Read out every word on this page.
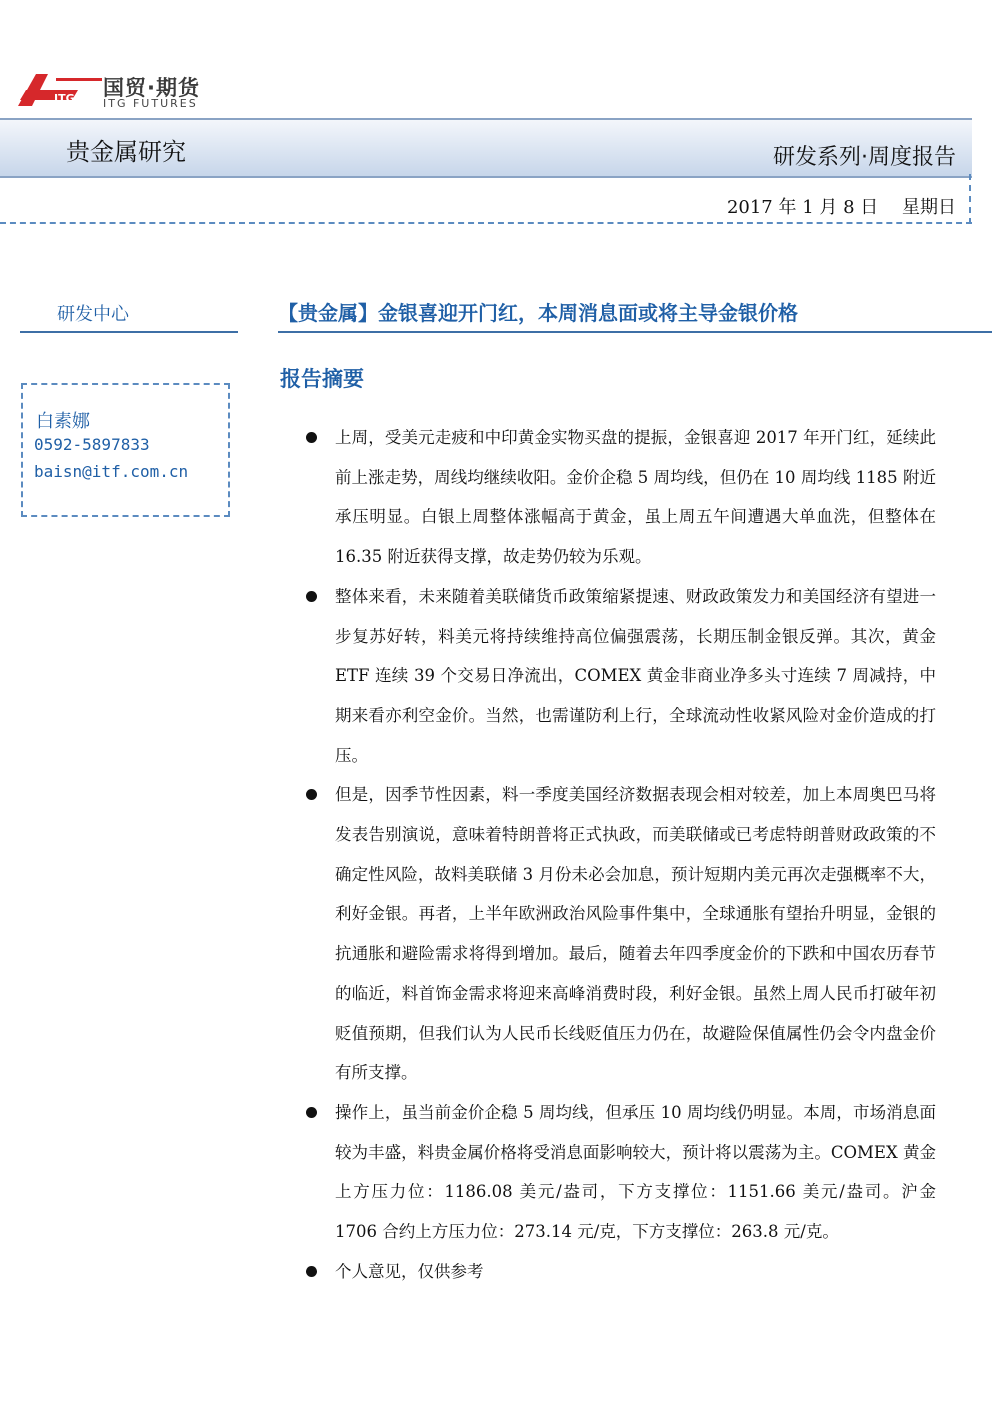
ITG 国贸·期货
ITG FUTURES
贵金属研究	研发系列·周度报告
2017 年 1 月 8 日　 星期日
研发中心
白素娜
0592-5897833
baisn@itf.com.cn
【贵金属】金银喜迎开门红，本周消息面或将主导金银价格
报告摘要
上周，受美元走疲和中印黄金实物买盘的提振，金银喜迎 2017 年开门红，延续此前上涨走势，周线均继续收阳。金价企稳 5 周均线，但仍在 10 周均线 1185 附近承压明显。白银上周整体涨幅高于黄金，虽上周五午间遭遇大单血洗，但整体在 16.35 附近获得支撑，故走势仍较为乐观。
整体来看，未来随着美联储货币政策缩紧提速、财政政策发力和美国经济有望进一步复苏好转，料美元将持续维持高位偏强震荡，长期压制金银反弹。其次，黄金 ETF 连续 39 个交易日净流出，COMEX 黄金非商业净多头寸连续 7 周减持，中期来看亦利空金价。当然，也需谨防利上行，全球流动性收紧风险对金价造成的打压。
但是，因季节性因素，料一季度美国经济数据表现会相对较差，加上本周奥巴马将发表告别演说，意味着特朗普将正式执政，而美联储或已考虑特朗普财政政策的不确定性风险，故料美联储 3 月份未必会加息，预计短期内美元再次走强概率不大，利好金银。再者，上半年欧洲政治风险事件集中，全球通胀有望抬升明显，金银的抗通胀和避险需求将得到增加。最后，随着去年四季度金价的下跌和中国农历春节的临近，料首饰金需求将迎来高峰消费时段，利好金银。虽然上周人民币打破年初贬值预期，但我们认为人民币长线贬值压力仍在，故避险保值属性仍会令内盘金价有所支撑。
操作上，虽当前金价企稳 5 周均线，但承压 10 周均线仍明显。本周，市场消息面较为丰盛，料贵金属价格将受消息面影响较大，预计将以震荡为主。COMEX 黄金上方压力位：1186.08 美元/盎司，下方支撑位：1151.66 美元/盎司。沪金 1706 合约上方压力位：273.14 元/克，下方支撑位：263.8 元/克。
个人意见，仅供参考
